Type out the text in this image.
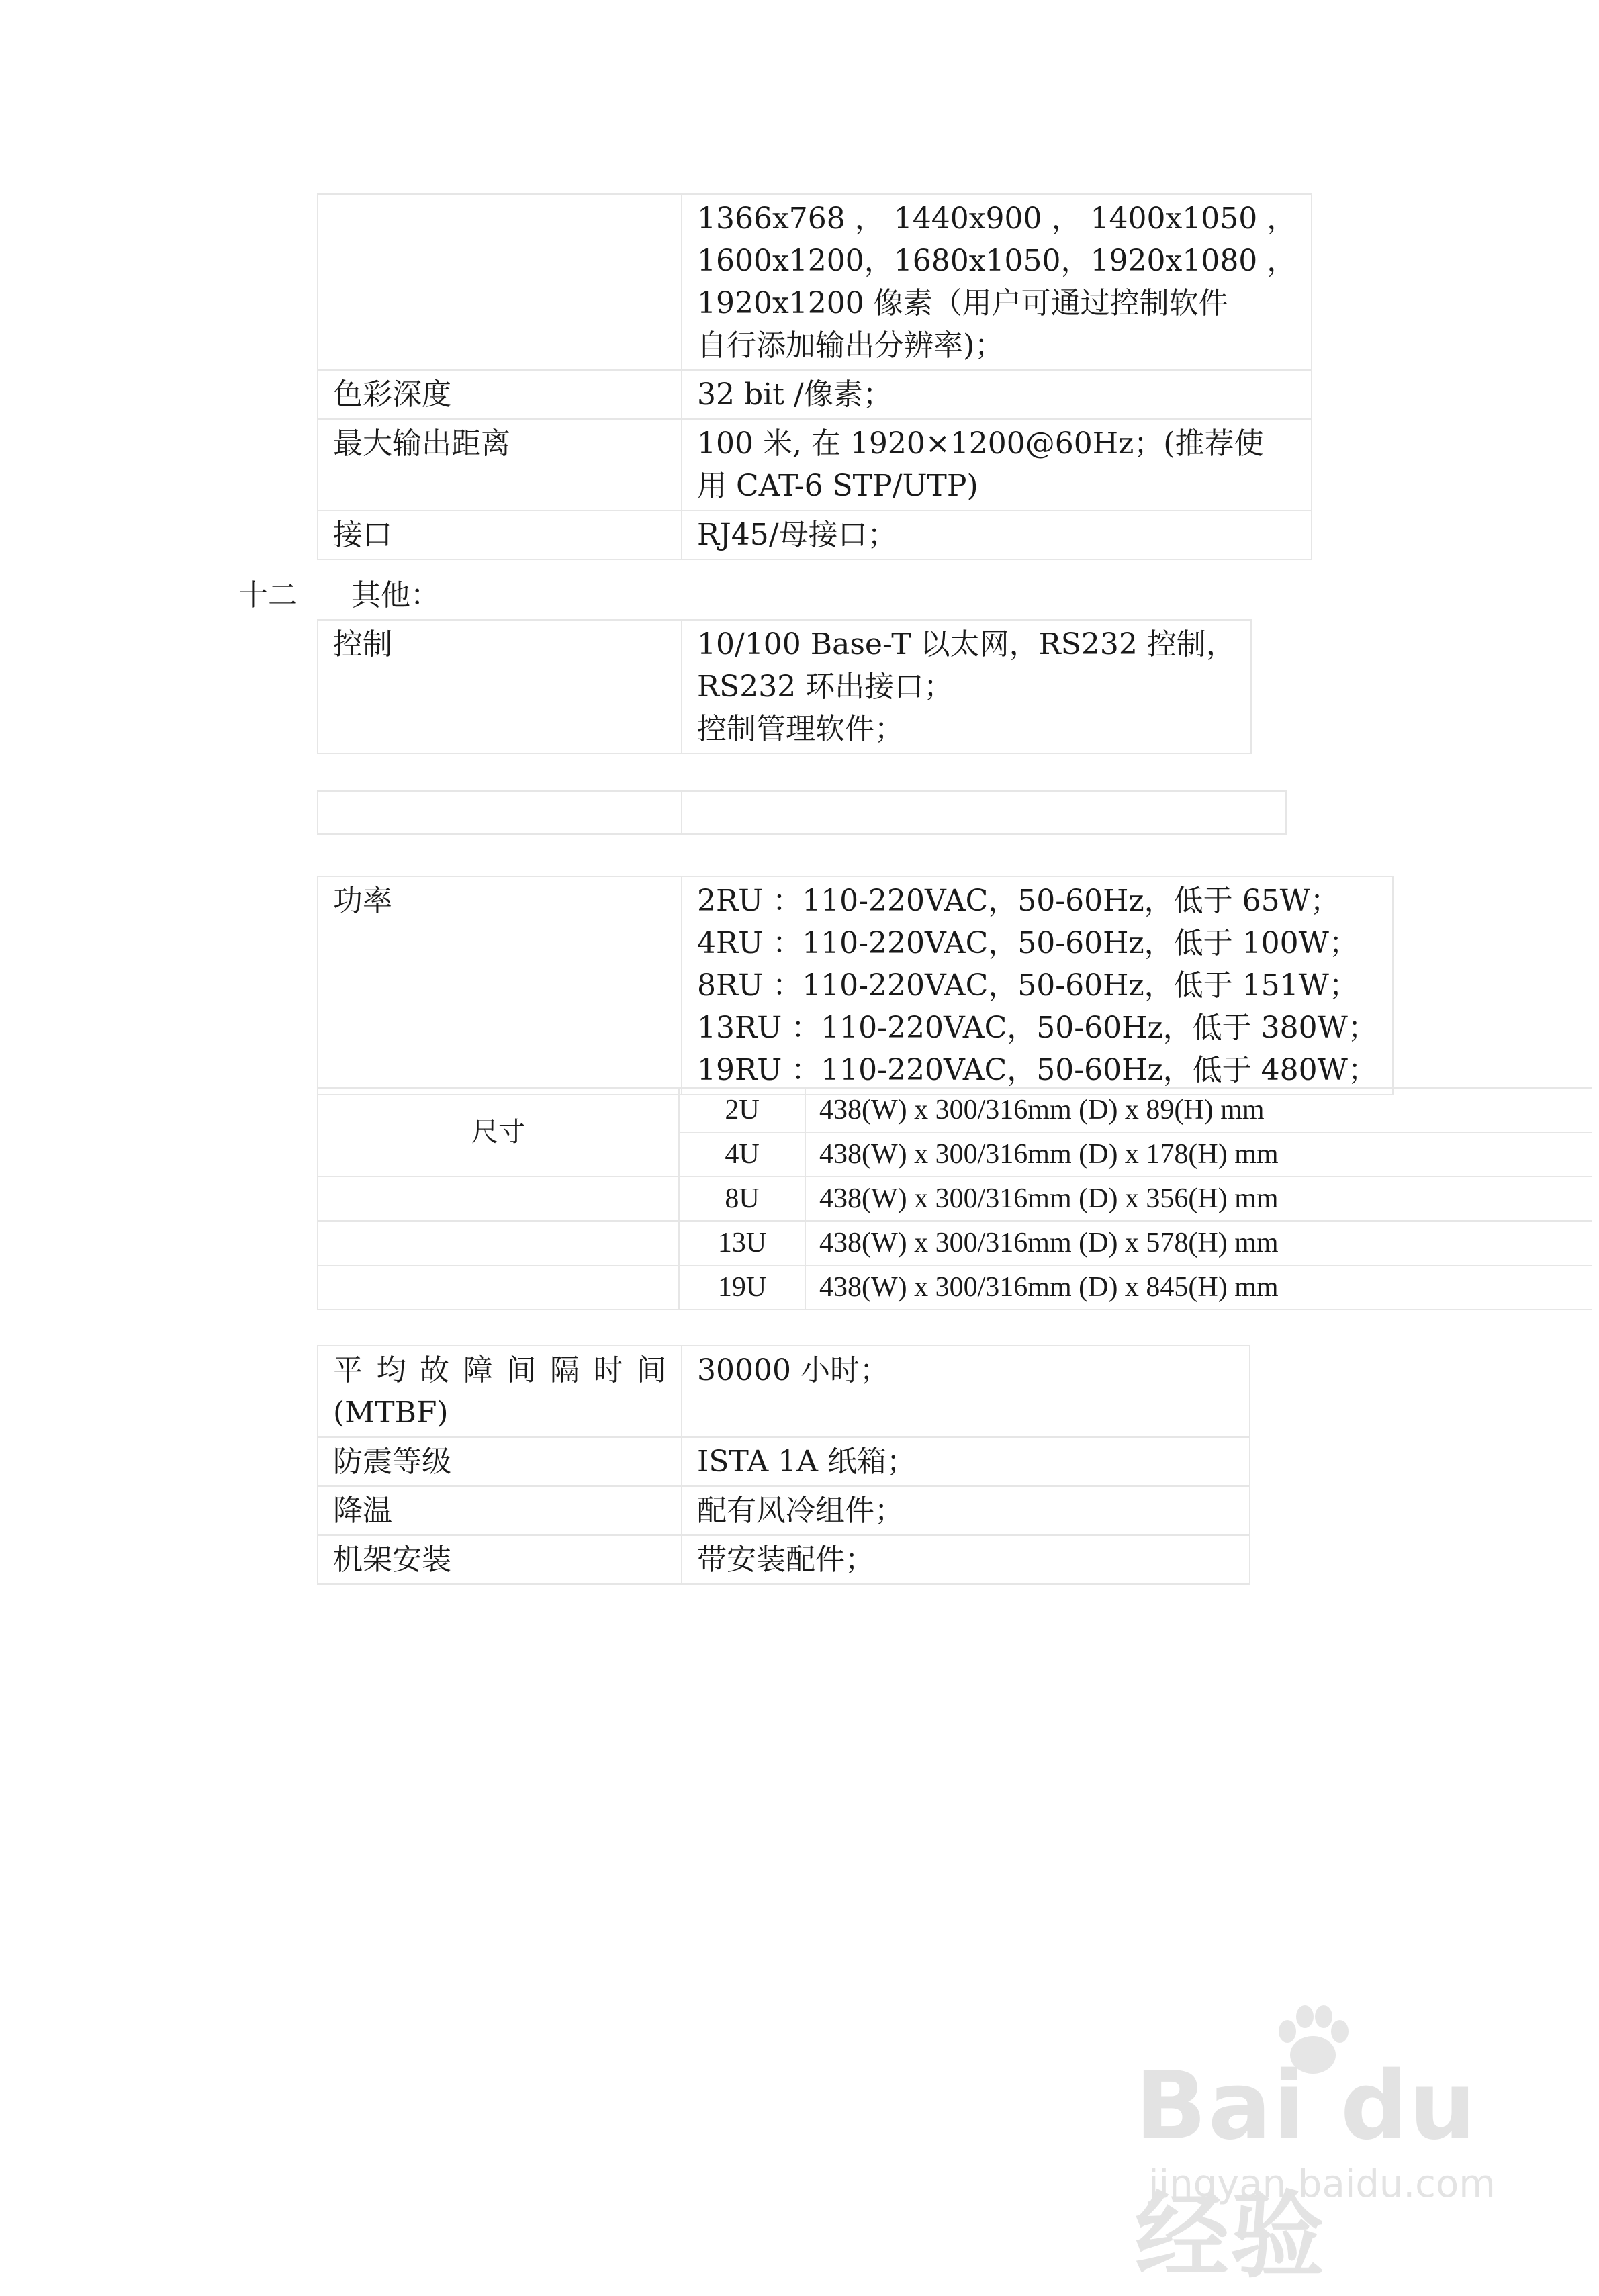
	1366x768 ， 1440x900 ， 1400x1050 ，
1600x1200，1680x1050，1920x1080 ，
1920x1200 像素（用户可通过控制软件
自行添加输出分辨率)；

色彩深度	32 bit /像素；

最大输出距离	100 米, 在 1920×1200@60Hz；(推荐使
用 CAT-6 STP/UTP)

接口	RJ45/母接口；
十二 其他：
控制	10/100 Base-T 以太网，RS232 控制，
RS232 环出接口；
控制管理软件；

功率	2RU ：110-220VAC，50-60Hz，低于 65W；
4RU ：110-220VAC，50-60Hz，低于 100W；
8RU ：110-220VAC，50-60Hz，低于 151W；
13RU ：110-220VAC，50-60Hz，低于 380W；
19RU ：110-220VAC，50-60Hz，低于 480W；
尺寸	2U	438(W) x 300/316mm (D) x 89(H) mm
	4U	438(W) x 300/316mm (D) x 178(H) mm
	8U	438(W) x 300/316mm (D) x 356(H) mm
	13U	438(W) x 300/316mm (D) x 578(H) mm
	19U	438(W) x 300/316mm (D) x 845(H) mm
平 均 故 障 间 隔 时 间
(MTBF)	30000 小时；
防震等级	ISTA 1A 纸箱；
降温	配有风冷组件；
机架安装	带安装配件；
Bai du 经验
jingyan.baidu.com
